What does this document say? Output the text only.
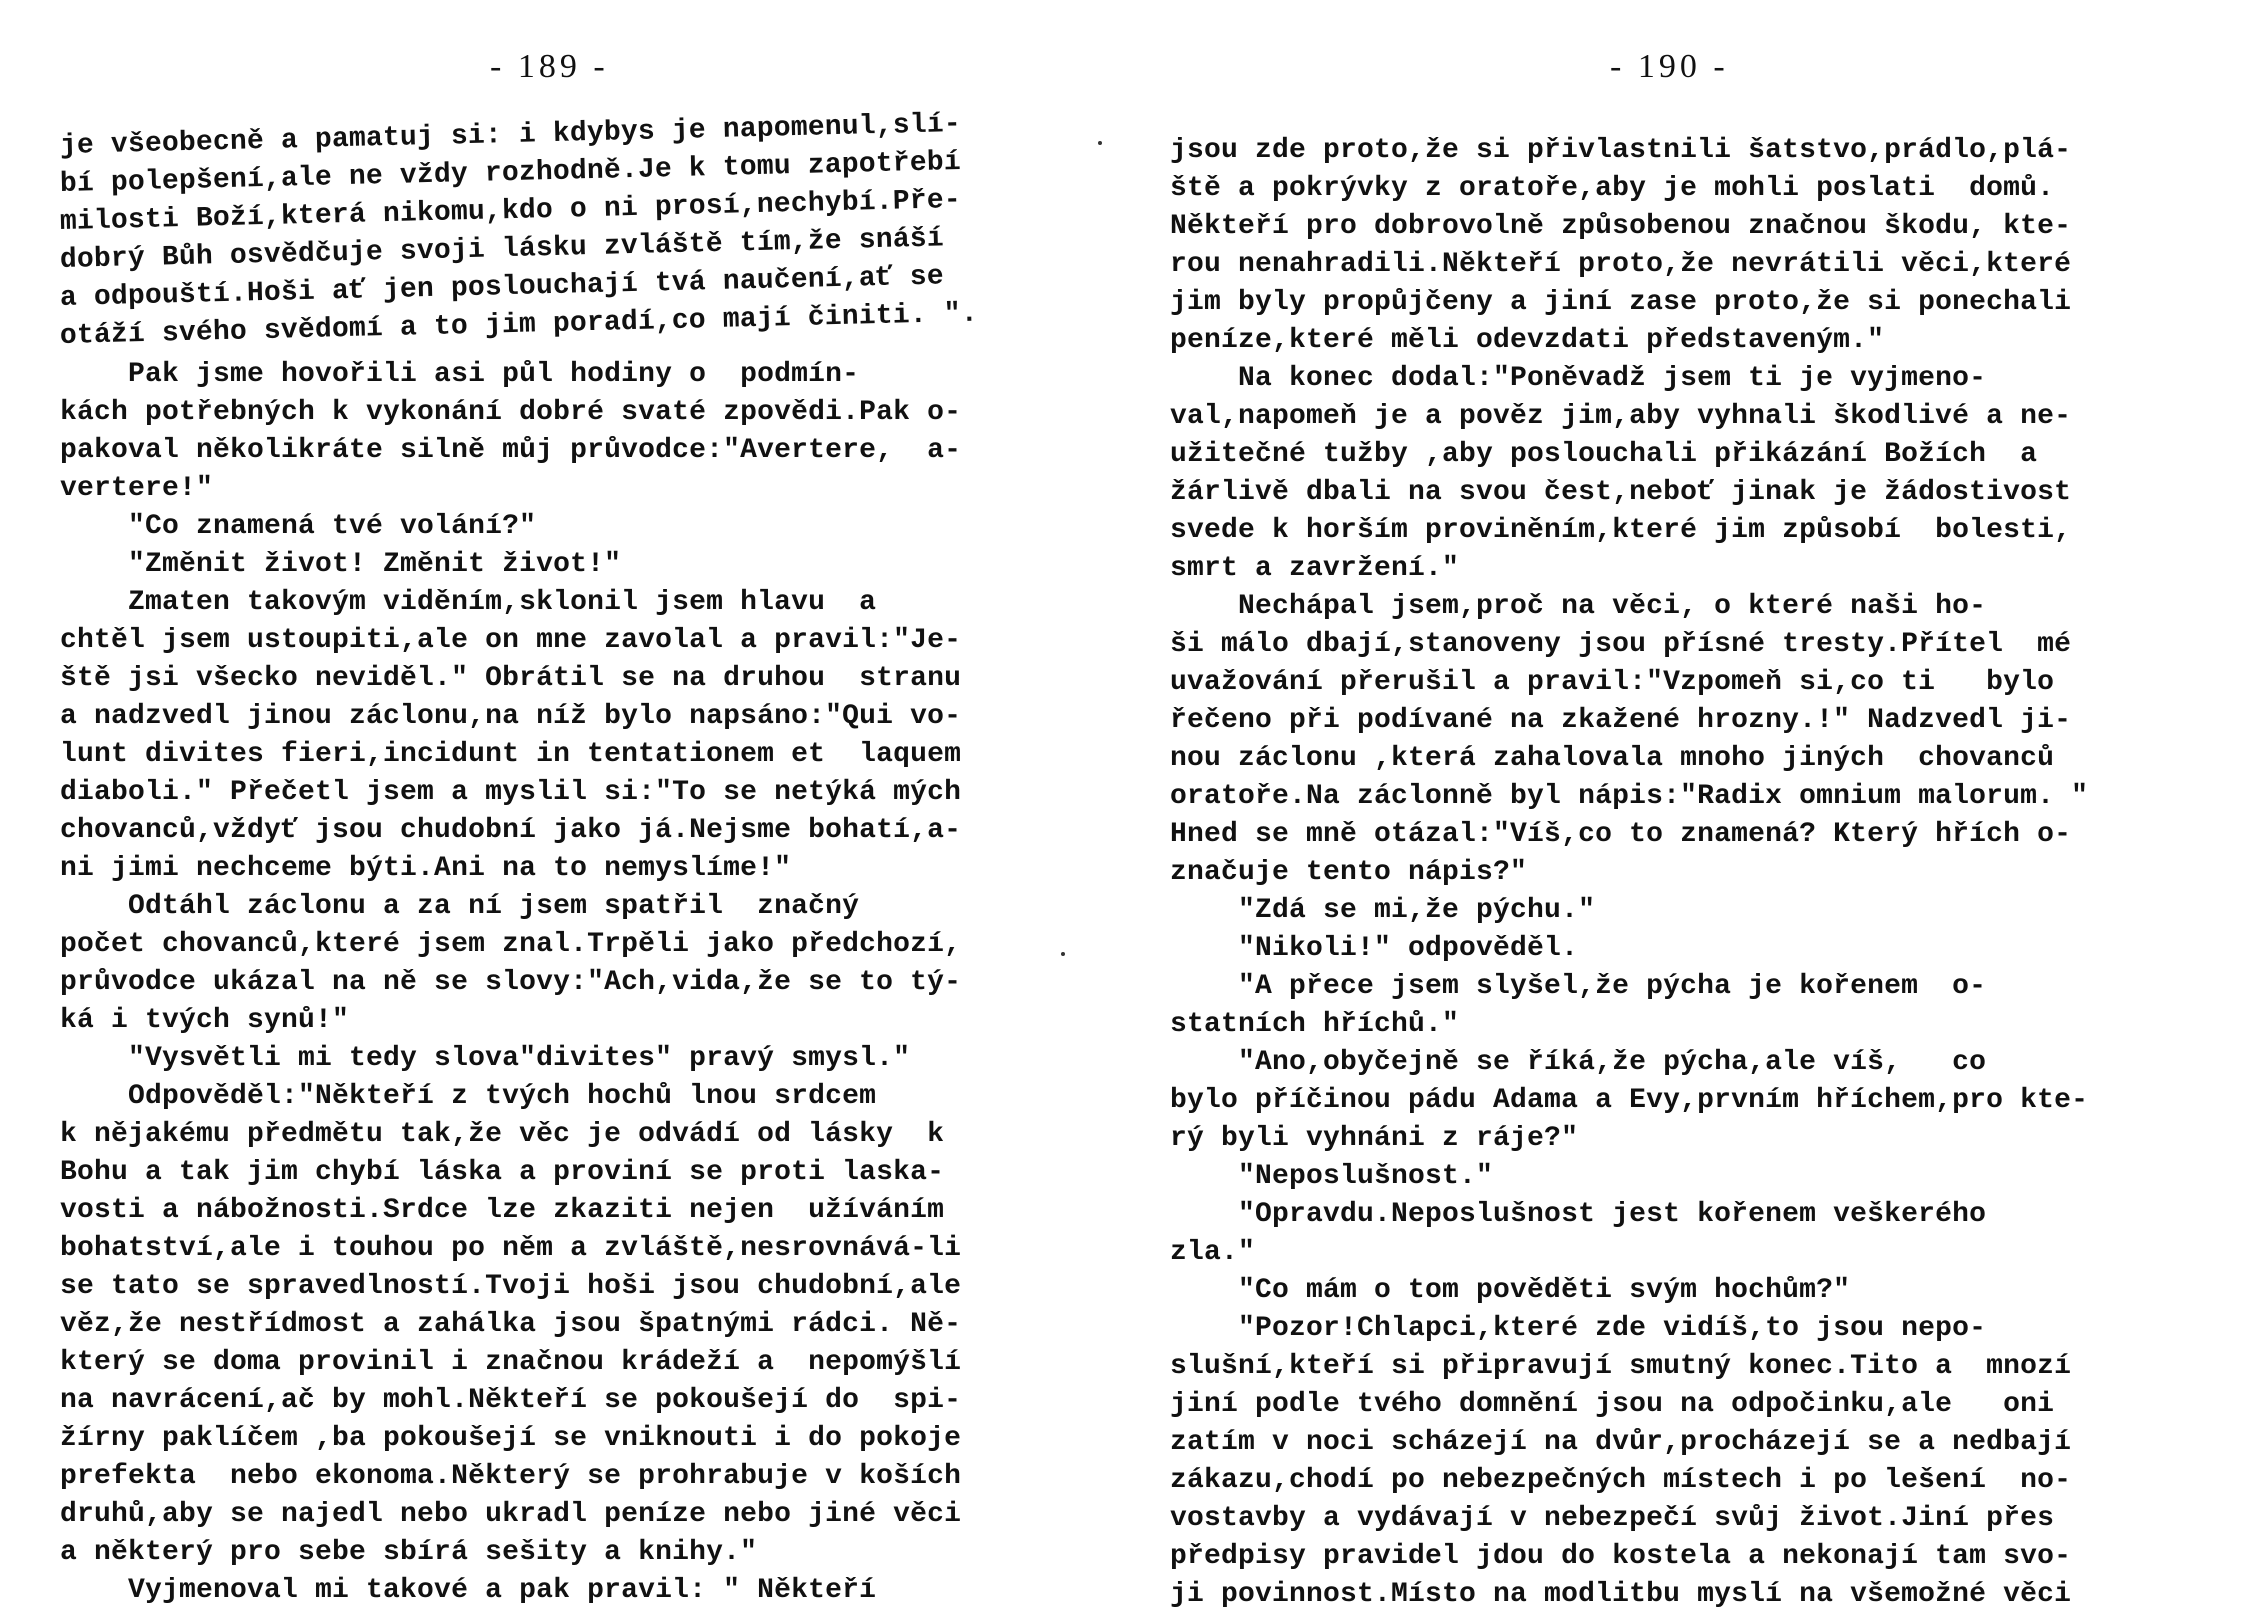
- 189 -
je všeobecně a pamatuj si: i kdybys je napomenul,slí-
bí polepšení,ale ne vždy rozhodně.Je k tomu zapotřebí
milosti Boží,která nikomu,kdo o ni prosí,nechybí.Pře-
dobrý Bůh osvědčuje svoji lásku zvláště tím,že snáší
a odpouští.Hoši ať jen poslouchají tvá naučení,ať se
otáží svého svědomí a to jim poradí,co mají činiti. ".
Pak jsme hovořili asi půl hodiny o  podmín-
kách potřebných k vykonání dobré svaté zpovědi.Pak o-
pakoval několikráte silně můj průvodce:"Avertere,  a-
vertere!"
"Co znamená tvé volání?"
"Změnit život! Změnit život!"
Zmaten takovým viděním,sklonil jsem hlavu  a
chtěl jsem ustoupiti,ale on mne zavolal a pravil:"Je-
ště jsi všecko neviděl." Obrátil se na druhou  stranu
a nadzvedl jinou záclonu,na níž bylo napsáno:"Qui vo-
lunt divites fieri,incidunt in tentationem et  laquem
diaboli." Přečetl jsem a myslil si:"To se netýká mých
chovanců,vždyť jsou chudobní jako já.Nejsme bohatí,a-
ni jimi nechceme býti.Ani na to nemyslíme!"
Odtáhl záclonu a za ní jsem spatřil  značný
počet chovanců,které jsem znal.Trpěli jako předchozí,
průvodce ukázal na ně se slovy:"Ach,vida,že se to tý-
ká i tvých synů!"
"Vysvětli mi tedy slova"divites" pravý smysl."
Odpověděl:"Někteří z tvých hochů lnou srdcem
k nějakému předmětu tak,že věc je odvádí od lásky  k
Bohu a tak jim chybí láska a proviní se proti laska-
vosti a nábožnosti.Srdce lze zkaziti nejen  užíváním
bohatství,ale i touhou po něm a zvláště,nesrovnává-li
se tato se spravedlností.Tvoji hoši jsou chudobní,ale
věz,že nestřídmost a zahálka jsou špatnými rádci. Ně-
který se doma provinil i značnou krádeží a  nepomýšlí
na navrácení,ač by mohl.Někteří se pokoušejí do  spi-
žírny paklíčem ,ba pokoušejí se vniknouti i do pokoje
prefekta  nebo ekonoma.Některý se prohrabuje v koších
druhů,aby se najedl nebo ukradl peníze nebo jiné věci
a některý pro sebe sbírá sešity a knihy."
Vyjmenoval mi takové a pak pravil: " Někteří
- 190 -
jsou zde proto,že si přivlastnili šatstvo,prádlo,plá-
ště a pokrývky z oratoře,aby je mohli poslati  domů.
Někteří pro dobrovolně způsobenou značnou škodu, kte-
rou nenahradili.Někteří proto,že nevrátili věci,které
jim byly propůjčeny a jiní zase proto,že si ponechali
peníze,které měli odevzdati představeným."
Na konec dodal:"Poněvadž jsem ti je vyjmeno-
val,napomeň je a pověz jim,aby vyhnali škodlivé a ne-
užitečné tužby ,aby poslouchali přikázání Božích  a
žárlivě dbali na svou čest,neboť jinak je žádostivost
svede k horším proviněním,které jim způsobí  bolesti,
smrt a zavržení."
Nechápal jsem,proč na věci, o které naši ho-
ši málo dbají,stanoveny jsou přísné tresty.Přítel  mé
uvažování přerušil a pravil:"Vzpomeň si,co ti   bylo
řečeno při podívané na zkažené hrozny.!" Nadzvedl ji-
nou záclonu ,která zahalovala mnoho jiných  chovanců
oratoře.Na záclonně byl nápis:"Radix omnium malorum. "
Hned se mně otázal:"Víš,co to znamená? Který hřích o-
značuje tento nápis?"
"Zdá se mi,že pýchu."
"Nikoli!" odpověděl.
"A přece jsem slyšel,že pýcha je kořenem  o-
statních hříchů."
"Ano,obyčejně se říká,že pýcha,ale víš,   co
bylo příčinou pádu Adama a Evy,prvním hříchem,pro kte-
rý byli vyhnáni z ráje?"
"Neposlušnost."
"Opravdu.Neposlušnost jest kořenem veškerého
zla."
"Co mám o tom pověděti svým hochům?"
"Pozor!Chlapci,které zde vidíš,to jsou nepo-
slušní,kteří si připravují smutný konec.Tito a  mnozí
jiní podle tvého domnění jsou na odpočinku,ale   oni
zatím v noci scházejí na dvůr,procházejí se a nedbají
zákazu,chodí po nebezpečných místech i po lešení  no-
vostavby a vydávají v nebezpečí svůj život.Jiní přes
předpisy pravidel jdou do kostela a nekonají tam svo-
ji povinnost.Místo na modlitbu myslí na všemožné věci
